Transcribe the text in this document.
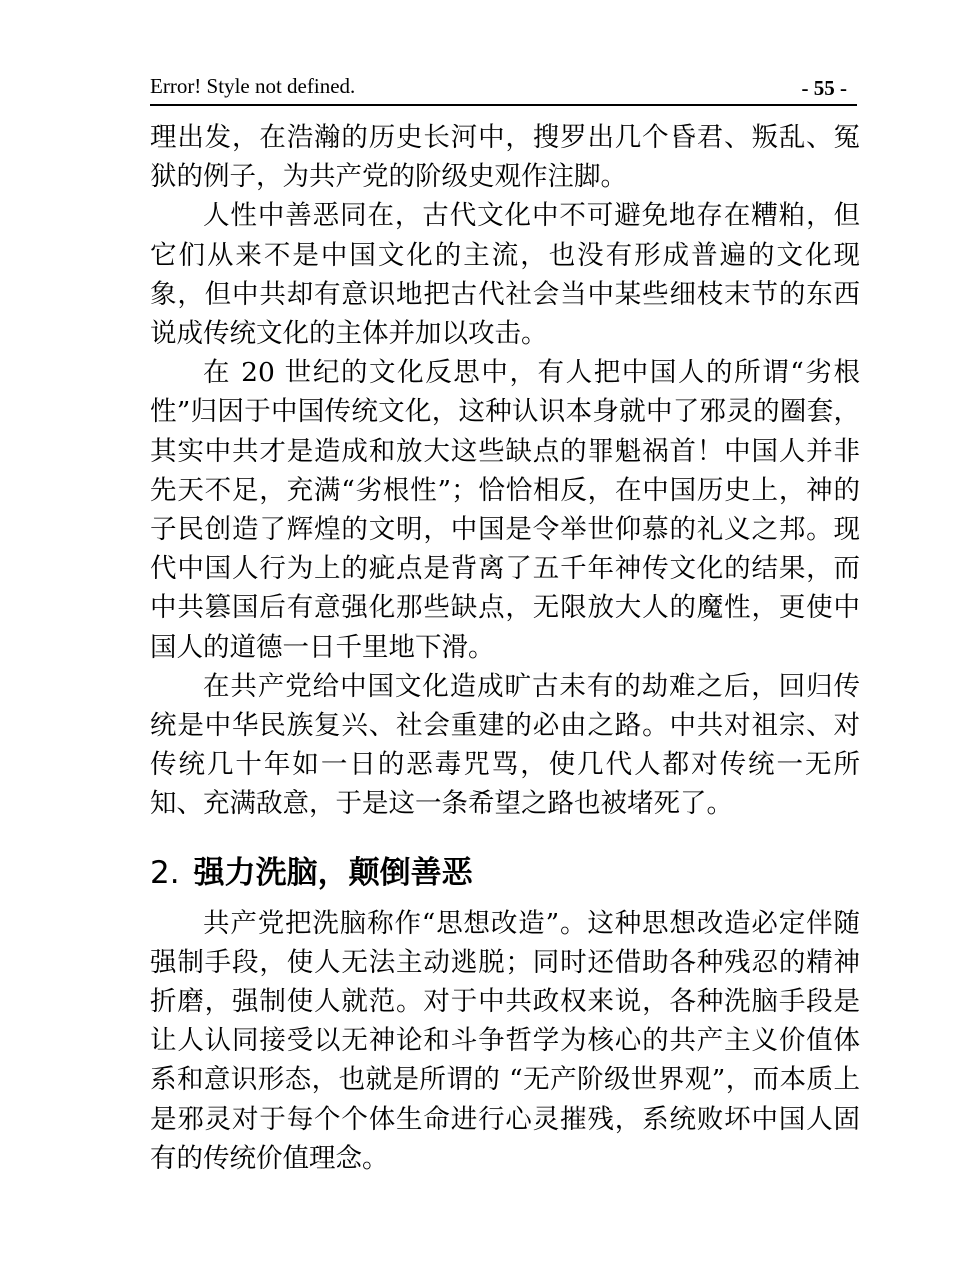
Error! Style not defined.	- 55 -

理出发，在浩瀚的历史长河中，搜罗出几个昏君、叛乱、冤狱的例子，为共产党的阶级史观作注脚。

人性中善恶同在，古代文化中不可避免地存在糟粕，但它们从来不是中国文化的主流，也没有形成普遍的文化现象，但中共却有意识地把古代社会当中某些细枝末节的东西说成传统文化的主体并加以攻击。

在 20 世纪的文化反思中，有人把中国人的所谓“劣根性”归因于中国传统文化，这种认识本身就中了邪灵的圈套，其实中共才是造成和放大这些缺点的罪魁祸首！中国人并非先天不足，充满“劣根性”；恰恰相反，在中国历史上，神的子民创造了辉煌的文明，中国是令举世仰慕的礼义之邦。现代中国人行为上的疵点是背离了五千年神传文化的结果，而中共篡国后有意强化那些缺点，无限放大人的魔性，更使中国人的道德一日千里地下滑。

在共产党给中国文化造成旷古未有的劫难之后，回归传统是中华民族复兴、社会重建的必由之路。中共对祖宗、对传统几十年如一日的恶毒咒骂，使几代人都对传统一无所知、充满敌意，于是这一条希望之路也被堵死了。

2. 强力洗脑，颠倒善恶

共产党把洗脑称作“思想改造”。这种思想改造必定伴随强制手段，使人无法主动逃脱；同时还借助各种残忍的精神折磨，强制使人就范。对于中共政权来说，各种洗脑手段是让人认同接受以无神论和斗争哲学为核心的共产主义价值体系和意识形态，也就是所谓的 “无产阶级世界观”，而本质上是邪灵对于每个个体生命进行心灵摧残，系统败坏中国人固有的传统价值理念。
